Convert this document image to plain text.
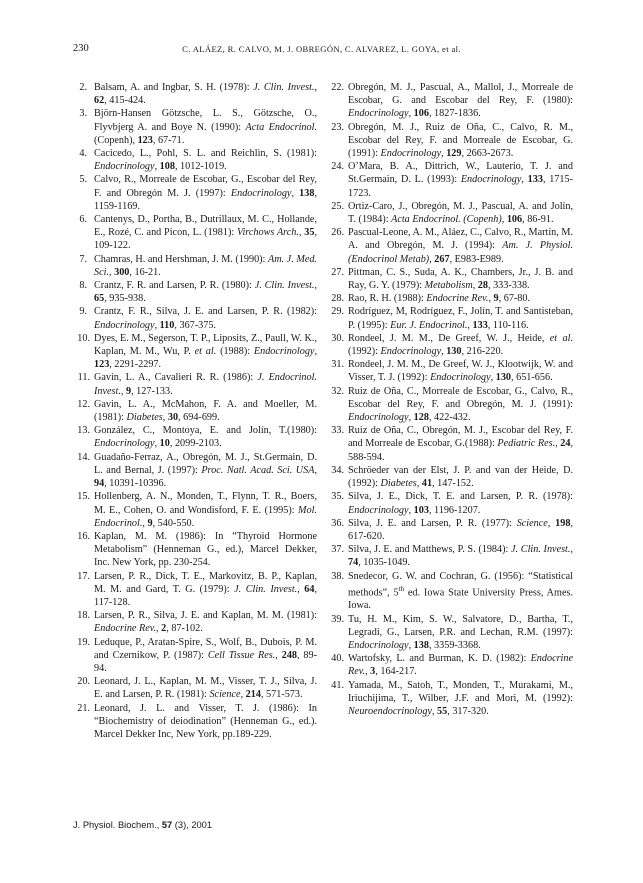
230	C. ALÁEZ, R. CALVO, M. J. OBREGÓN, C. ALVAREZ, L. GOYA, et al.

2. Balsam, A. and Ingbar, S. H. (1978): J. Clin. Invest., 62, 415-424.

3. Björn-Hansen Götzsche, L. S., Götzsche, O., Flyvbjerg A. and Boye N. (1990): Acta Endocrinol. (Copenh), 123, 67-71.

4. Cacicedo, L., Pohl, S. L. and Reichlin, S. (1981): Endocrinology, 108, 1012-1019.

5. Calvo, R., Morreale de Escobar, G., Escobar del Rey, F. and Obregón M. J. (1997): Endocrinology, 138, 1159-1169.

6. Cantenys, D., Portha, B., Dutrillaux, M. C., Hollande, E., Rozé, C. and Picon, L. (1981): Virchows Arch., 35, 109-122.

7. Chamras, H. and Hershman, J. M. (1990): Am. J. Med. Sci., 300, 16-21.

8. Crantz, F. R. and Larsen, P. R. (1980): J. Clin. Invest., 65, 935-938.

9. Crantz, F. R., Silva, J. E. and Larsen, P. R. (1982): Endocrinology, 110, 367-375.

10. Dyes, E. M., Segerson, T. P., Liposits, Z., Paull, W. K., Kaplan, M. M., Wu, P. et al. (1988): Endocrinology, 123, 2291-2297.

11. Gavin, L. A., Cavalieri R. R. (1986): J. Endocrinol. Invest., 9, 127-133.

12. Gavin, L. A., McMahon, F. A. and Moeller, M. (1981): Diabetes, 30, 694-699.

13. González, C., Montoya, E. and Jolín, T.(1980): Endocrinology, 10, 2099-2103.

14. Guadaño-Ferraz, A., Obregón, M. J., St.Germain, D. L. and Bernal, J. (1997): Proc. Natl. Acad. Sci. USA, 94, 10391-10396.

15. Hollenberg, A. N., Monden, T., Flynn, T. R., Boers, M. E., Cohen, O. and Wondisford, F. E. (1995): Mol. Endocrinol., 9, 540-550.

16. Kaplan, M. M. (1986): In “Thyroid Hormone Metabolism” (Henneman G., ed.), Marcel Dekker, Inc. New York, pp. 230-254.

17. Larsen, P. R., Dick, T. E., Markovitz, B. P., Kaplan, M. M. and Gard, T. G. (1979): J. Clin. Invest., 64, 117-128.

18. Larsen, P. R., Silva, J. E. and Kaplan, M. M. (1981): Endocrine Rev., 2, 87-102.

19. Leduque, P., Aratan-Spire, S., Wolf, B., Dubois, P. M. and Czernikow, P. (1987): Cell Tissue Res., 248, 89-94.

20. Leonard, J. L., Kaplan, M. M., Visser, T. J., Silva, J. E. and Larsen, P. R. (1981): Science, 214, 571-573.

21. Leonard, J. L. and Visser, T. J. (1986): In “Biochemistry of deiodination” (Henneman G., ed.). Marcel Dekker Inc, New York, pp.189-229.

22. Obregón, M. J., Pascual, A., Mallol, J., Morreale de Escobar, G. and Escobar del Rey, F. (1980): Endocrinology, 106, 1827-1836.

23. Obregón, M. J., Ruiz de Oña, C., Calvo, R. M., Escobar del Rey, F. and Morreale de Escobar, G. (1991): Endocrinology, 129, 2663-2673.

24. O’Mara, B. A., Dittrich, W., Lauterio, T. J. and St.Germain, D. L. (1993): Endocrinology, 133, 1715-1723.

25. Ortiz-Caro, J., Obregón, M. J., Pascual, A. and Jolín, T. (1984): Acta Endocrinol. (Copenh), 106, 86-91.

26. Pascual-Leone, A. M., Aláez, C., Calvo, R., Martín, M. A. and Obregón, M. J. (1994): Am. J. Physiol. (Endocrinol Metab), 267, E983-E989.

27. Pittman, C. S., Suda, A. K., Chambers, Jr., J. B. and Ray, G. Y. (1979): Metabolism, 28, 333-338.

28. Rao, R. H. (1988): Endocrine Rev., 9, 67-80.

29. Rodríguez, M, Rodríguez, F., Jolín, T. and Santisteban, P. (1995): Eur. J. Endocrinol., 133, 110-116.

30. Rondeel, J. M. M., De Greef, W. J., Heide, et al. (1992): Endocrinology, 130, 216-220.

31. Rondeel, J. M. M., De Greef, W. J., Klootwijk, W. and Visser, T. J. (1992): Endocrinology, 130, 651-656.

32. Ruiz de Oña, C., Morreale de Escobar, G., Calvo, R., Escobar del Rey, F. and Obregón, M. J. (1991): Endocrinology, 128, 422-432.

33. Ruiz de Oña, C., Obregón, M. J., Escobar del Rey, F. and Morreale de Escobar, G.(1988): Pediatric Res., 24, 588-594.

34. Schröeder van der Elst, J. P. and van der Heide, D. (1992): Diabetes, 41, 147-152.

35. Silva, J. E., Dick, T. E. and Larsen, P. R. (1978): Endocrinology, 103, 1196-1207.

36. Silva, J. E. and Larsen, P. R. (1977): Science, 198, 617-620.

37. Silva, J. E. and Matthews, P. S. (1984): J. Clin. Invest., 74, 1035-1049.

38. Snedecor, G. W. and Cochran, G. (1956): “Statistical methods”, 5th ed. Iowa State University Press, Ames. Iowa.

39. Tu, H. M., Kim, S. W., Salvatore, D., Bartha, T., Legradi, G., Larsen, P.R. and Lechan, R.M. (1997): Endocrinology, 138, 3359-3368.

40. Wartofsky, L. and Burman, K. D. (1982): Endocrine Rev., 3, 164-217.

41. Yamada, M., Satoh, T., Monden, T., Murakami, M., Iriuchijima, T., Wilber, J.F. and Mori, M. (1992): Neuroendocrinology, 55, 317-320.

J. Physiol. Biochem., 57 (3), 2001
